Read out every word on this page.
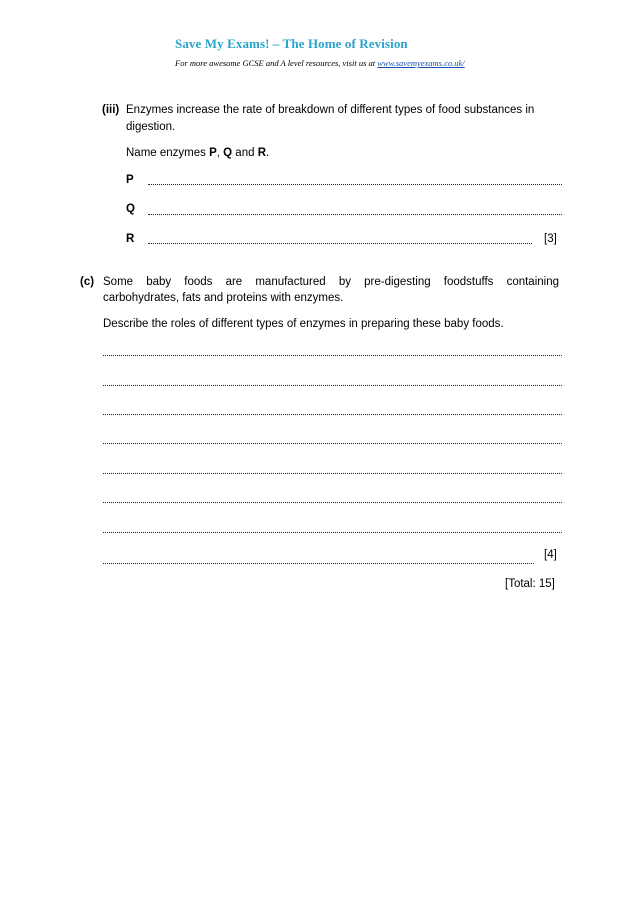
Save My Exams! – The Home of Revision
For more awesome GCSE and A level resources, visit us at www.savemyexams.co.uk/
(iii) Enzymes increase the rate of breakdown of different types of food substances in
digestion.
Name enzymes P, Q and R.
P
Q
R	[3]
(c) Some baby foods are manufactured by pre-digesting foodstuffs containing
carbohydrates, fats and proteins with enzymes.
Describe the roles of different types of enzymes in preparing these baby foods.
[4]
[Total: 15]
